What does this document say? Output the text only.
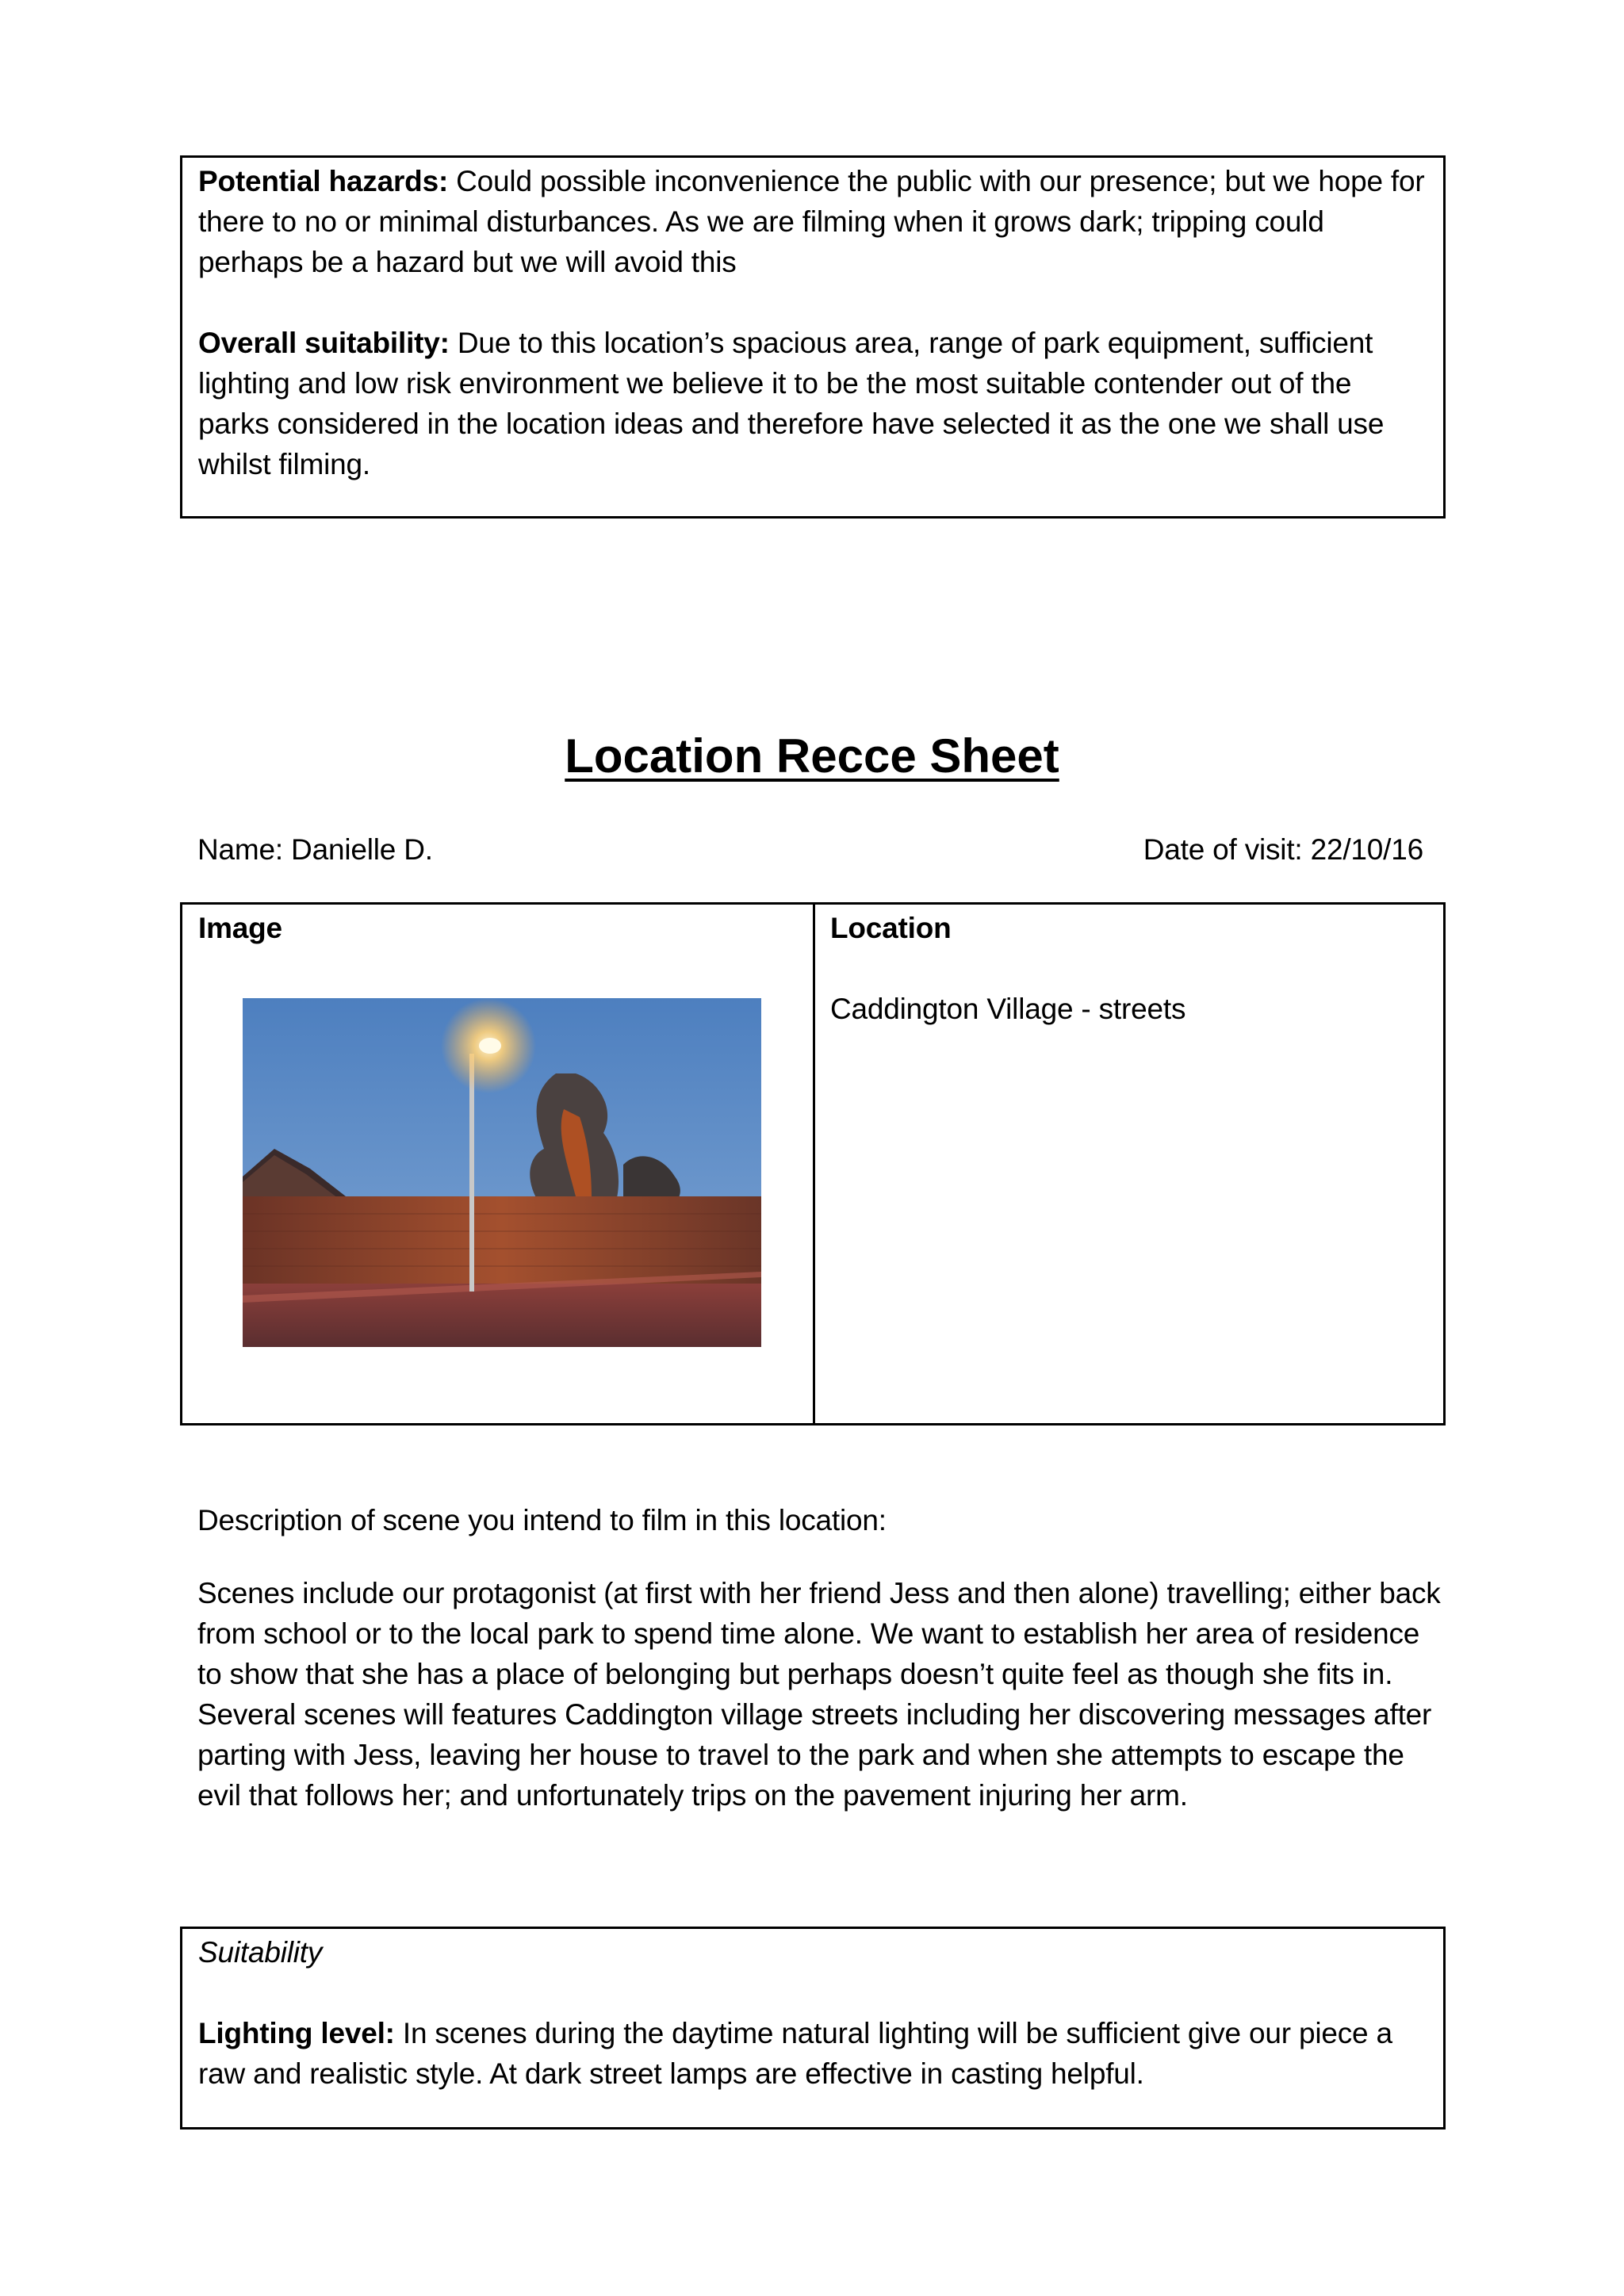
Potential hazards: Could possible inconvenience the public with our presence; but we hope for there to no or minimal disturbances. As we are filming when it grows dark; tripping could perhaps be a hazard but we will avoid this

Overall suitability: Due to this location’s spacious area, range of park equipment, sufficient lighting and low risk environment we believe it to be the most suitable contender out of the parks considered in the location ideas and therefore have selected it as the one we shall use whilst filming.

Location Recce Sheet
Name: Danielle D.	Date of visit: 22/10/16
Image	Location
Caddington Village - streets
Description of scene you intend to film in this location:

Scenes include our protagonist (at first with her friend Jess and then alone) travelling; either back from school or to the local park to spend time alone. We want to establish her area of residence to show that she has a place of belonging but perhaps doesn’t quite feel as though she fits in. Several scenes will features Caddington village streets including her discovering messages after parting with Jess, leaving her house to travel to the park and when she attempts to escape the evil that follows her; and unfortunately trips on the pavement injuring her arm.

Suitability

Lighting level: In scenes during the daytime natural lighting will be sufficient give our piece a raw and realistic style. At dark street lamps are effective in casting helpful.
